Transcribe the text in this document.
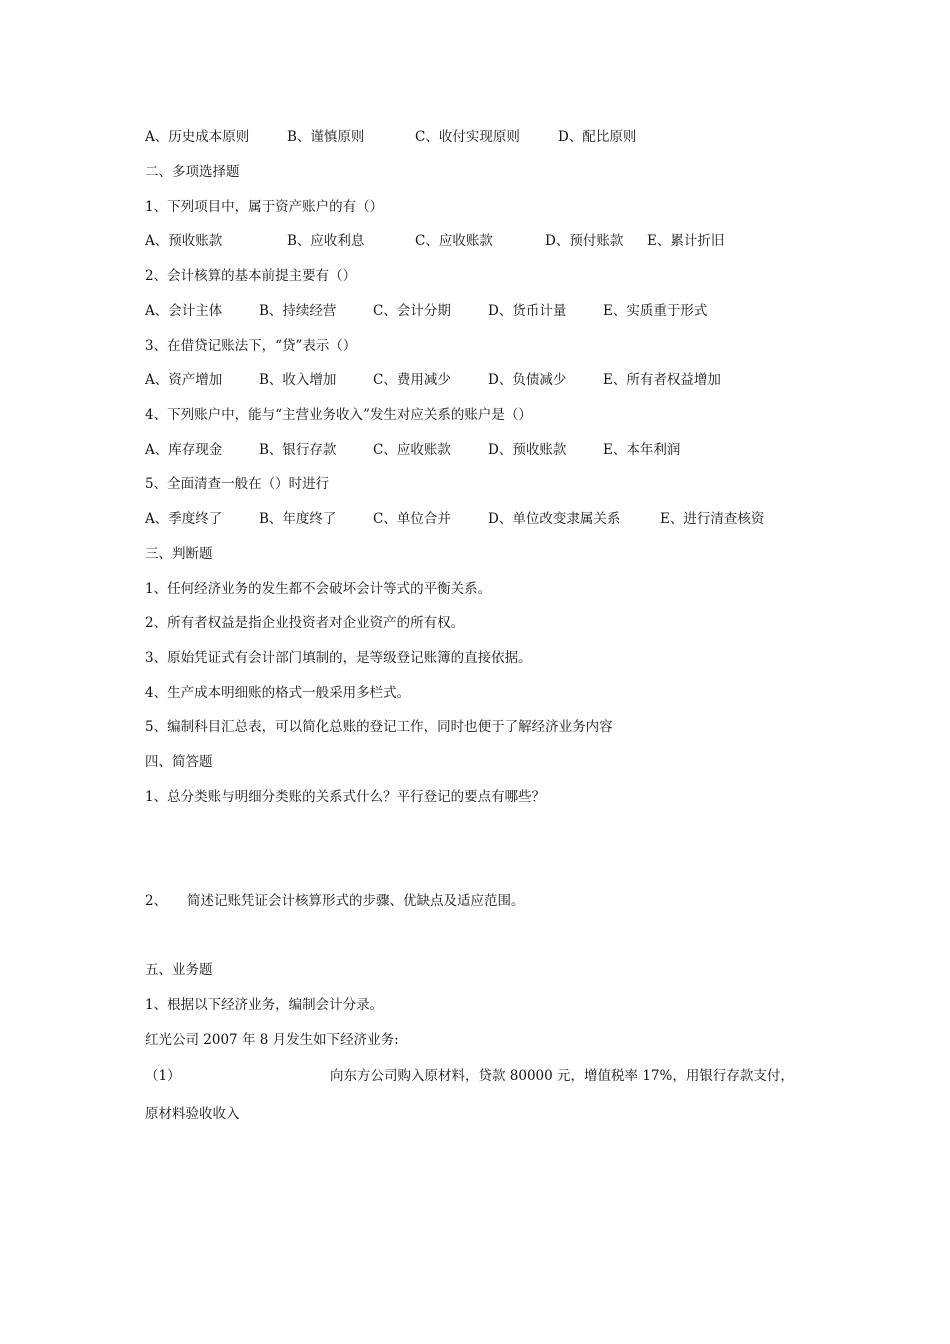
A、历史成本原则	B、谨慎原则	C、收付实现原则	D、配比原则
二、多项选择题
1、下列项目中，属于资产账户的有（）
A、预收账款	B、应收利息	C、应收账款	D、预付账款 E、累计折旧
2、会计核算的基本前提主要有（）
A、会计主体	B、持续经营	C、会计分期	D、货币计量	E、实质重于形式
3、在借贷记账法下，“贷”表示（）
A、资产增加	B、收入增加	C、费用减少	D、负债减少	E、所有者权益增加
4、下列账户中，能与“主营业务收入”发生对应关系的账户是（）
A、库存现金	B、银行存款	C、应收账款	D、预收账款	E、本年利润
5、全面清查一般在（）时进行
A、季度终了	B、年度终了	C、单位合并	D、单位改变隶属关系	E、进行清查核资
三、判断题
1、任何经济业务的发生都不会破坏会计等式的平衡关系。
2、所有者权益是指企业投资者对企业资产的所有权。
3、原始凭证式有会计部门填制的，是等级登记账簿的直接依据。
4、生产成本明细账的格式一般采用多栏式。
5、编制科目汇总表，可以简化总账的登记工作，同时也便于了解经济业务内容
四、简答题
1、总分类账与明细分类账的关系式什么？平行登记的要点有哪些？
2、 简述记账凭证会计核算形式的步骤、优缺点及适应范围。
五、业务题
1、根据以下经济业务，编制会计分录。
红光公司 2007 年 8 月发生如下经济业务:
（1）	向东方公司购入原材料，贷款 80000 元，增值税率 17%，用银行存款支付，
原材料验收收入
